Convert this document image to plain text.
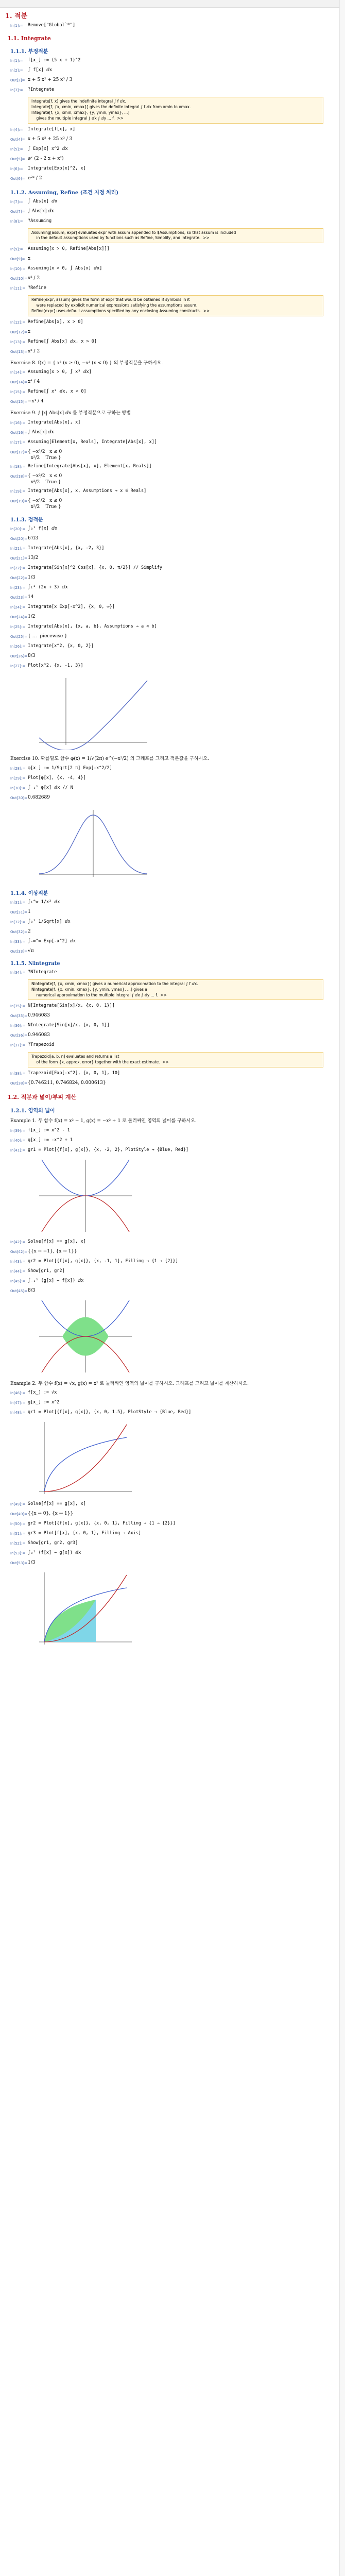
1. 적분
In[1]:=	Remove["Global`*"]
1.1. Integrate
1.1.1. 부정적분
In[1]:=	f[x_] := (5 x + 1)^2
In[2]:=	∫ f[x] ⅆx
Out[2]= x + 5 x² + 25 x³ / 3
In[3]:=	?Integrate
Integrate[f, x] gives the indefinite integral ∫ f ⅆx.
Integrate[f, {x, xmin, xmax}] gives the definite integral ∫ f ⅆx from xmin to xmax.
Integrate[f, {x, xmin, xmax}, {y, ymin, ymax}, ...]
gives the multiple integral ∫ ⅆx ∫ ⅆy ... f.  >>
In[4]:=	Integrate[f[x], x]
Out[4]= x + 5 x² + 25 x³ / 3
In[5]:=	∫ Exp[x] x^2 ⅆx
Out[5]= ⅇˣ (2 - 2 x + x²)
In[6]:=	Integrate[Exp[x]^2, x]
Out[6]= ⅇ²ˣ / 2
1.1.2. Assuming, Refine (조건 지정 처리)
In[7]:=	∫ Abs[x] ⅆx
Out[7]= ∫ Abs[x] ⅆx
In[8]:=	?Assuming
Assuming[assum, expr] evaluates expr with assum appended to $Assumptions, so that assum is included
in the default assumptions used by functions such as Refine, Simplify, and Integrate.  >>
In[9]:=	Assuming[x > 0, Refine[Abs[x]]]
Out[9]= x
In[10]:= Assuming[x > 0, ∫ Abs[x] ⅆx]
Out[10]= x² / 2
In[11]:= ?Refine
Refine[expr, assum] gives the form of expr that would be obtained if symbols in it
were replaced by explicit numerical expressions satisfying the assumptions assum.
Refine[expr] uses default assumptions specified by any enclosing Assuming constructs.  >>
In[12]:= Refine[Abs[x], x > 0]
Out[12]= x
In[13]:= Refine[∫ Abs[x] ⅆx, x > 0]
Out[13]= x² / 2
Exercise 8. f(x) = { x³ (x ≥ 0), −x³ (x < 0) } 의 부정적분을 구하시오.
In[14]:= Assuming[x > 0, ∫ x³ ⅆx]
Out[14]= x⁴ / 4
In[15]:= Refine[∫ x³ ⅆx, x < 0]
Out[15]= −x⁴ / 4
Exercise 9. ∫ |x| Abs[x] ⅆx 를 부정적분으로 구하는 방법
In[16]:= Integrate[Abs[x], x]
Out[16]= ∫ Abs[x] ⅆx
In[17]:= Assuming[Element[x, Reals], Integrate[Abs[x], x]]
Out[17]= { −x²/2   x ≤ 0
x²/2    True }
In[18]:= Refine[Integrate[Abs[x], x], Element[x, Reals]]
Out[18]= { −x²/2   x ≤ 0
x²/2    True }
In[19]:= Integrate[Abs[x], x, Assumptions → x ∈ Reals]
Out[19]= { −x²/2   x ≤ 0
x²/2    True }
1.1.3. 정적분
In[20]:= ∫₀¹ f[x] ⅆx
Out[20]= 67/3
In[21]:= Integrate[Abs[x], {x, -2, 3}]
Out[21]= 13/2
In[22]:= Integrate[Sin[x]^2 Cos[x], {x, 0, π/2}] // Simplify
Out[22]= 1/3
In[23]:= ∫₁³ (2x + 3) ⅆx
Out[23]= 14
In[24]:= Integrate[x Exp[-x^2], {x, 0, ∞}]
Out[24]= 1/2
In[25]:= Integrate[Abs[x], {x, a, b}, Assumptions → a < b]
Out[25]= { …  piecewise }
In[26]:= Integrate[x^2, {x, 0, 2}]
Out[26]= 8/3
In[27]:= Plot[x^2, {x, -1, 3}]
Exercise 10. 확률밀도 함수 φ(x) = 1/√(2π) e^(−x²/2) 의 그래프를 그리고 적분값을 구하시오.
In[28]:= φ[x_] := 1/Sqrt[2 π] Exp[-x^2/2]
In[29]:= Plot[φ[x], {x, -4, 4}]
In[30]:= ∫₋₁¹ φ[x] ⅆx // N
Out[30]= 0.682689
1.1.4. 이상적분
In[31]:= ∫₁^∞ 1/x² ⅆx
Out[31]= 1
In[32]:= ∫₀¹ 1/Sqrt[x] ⅆx
Out[32]= 2
In[33]:= ∫₋∞^∞ Exp[-x^2] ⅆx
Out[33]= √π
1.1.5. NIntegrate
In[34]:= ?NIntegrate
NIntegrate[f, {x, xmin, xmax}] gives a numerical approximation to the integral ∫ f ⅆx.
NIntegrate[f, {x, xmin, xmax}, {y, ymin, ymax}, ...] gives a
numerical approximation to the multiple integral ∫ ⅆx ∫ ⅆy ... f.  >>
In[35]:= N[Integrate[Sin[x]/x, {x, 0, 1}]]
Out[35]= 0.946083
In[36]:= NIntegrate[Sin[x]/x, {x, 0, 1}]
Out[36]= 0.946083
In[37]:= ?Trapezoid
Trapezoid[a, b, n] evaluates and returns a list
of the form {x, approx, error} together with the exact estimate.  >>
In[38]:= Trapezoid[Exp[-x^2], {x, 0, 1}, 10]
Out[38]= {0.746211, 0.746824, 0.000613}
1.2. 적분과 넓이/부피 계산
1.2.1. 영역의 넓이
Example 1. 두 함수 f(x) = x² − 1, g(x) = −x² + 1 로 둘러싸인 영역의 넓이를 구하시오.
In[39]:= f[x_] := x^2 - 1
In[40]:= g[x_] := -x^2 + 1
In[41]:= gr1 = Plot[{f[x], g[x]}, {x, -2, 2}, PlotStyle → {Blue, Red}]
In[42]:= Solve[f[x] == g[x], x]
Out[42]= {{x → −1}, {x → 1}}
In[43]:= gr2 = Plot[{f[x], g[x]}, {x, -1, 1}, Filling → {1 → {2}}]
In[44]:= Show[gr1, gr2]
In[45]:= ∫₋₁¹ (g[x] − f[x]) ⅆx
Out[45]= 8/3
Example 2. 두 함수 f(x) = √x, g(x) = x² 로 둘러싸인 영역의 넓이를 구하시오. 그래프를 그리고 넓이를 계산하시오.
In[46]:= f[x_] := √x
In[47]:= g[x_] := x^2
In[48]:= gr1 = Plot[{f[x], g[x]}, {x, 0, 1.5}, PlotStyle → {Blue, Red}]
In[49]:= Solve[f[x] == g[x], x]
Out[49]= {{x → 0}, {x → 1}}
In[50]:= gr2 = Plot[{f[x], g[x]}, {x, 0, 1}, Filling → {1 → {2}}]
In[51]:= gr3 = Plot[f[x], {x, 0, 1}, Filling → Axis]
In[52]:= Show[gr1, gr2, gr3]
In[53]:= ∫₀¹ (f[x] − g[x]) ⅆx
Out[53]= 1/3
